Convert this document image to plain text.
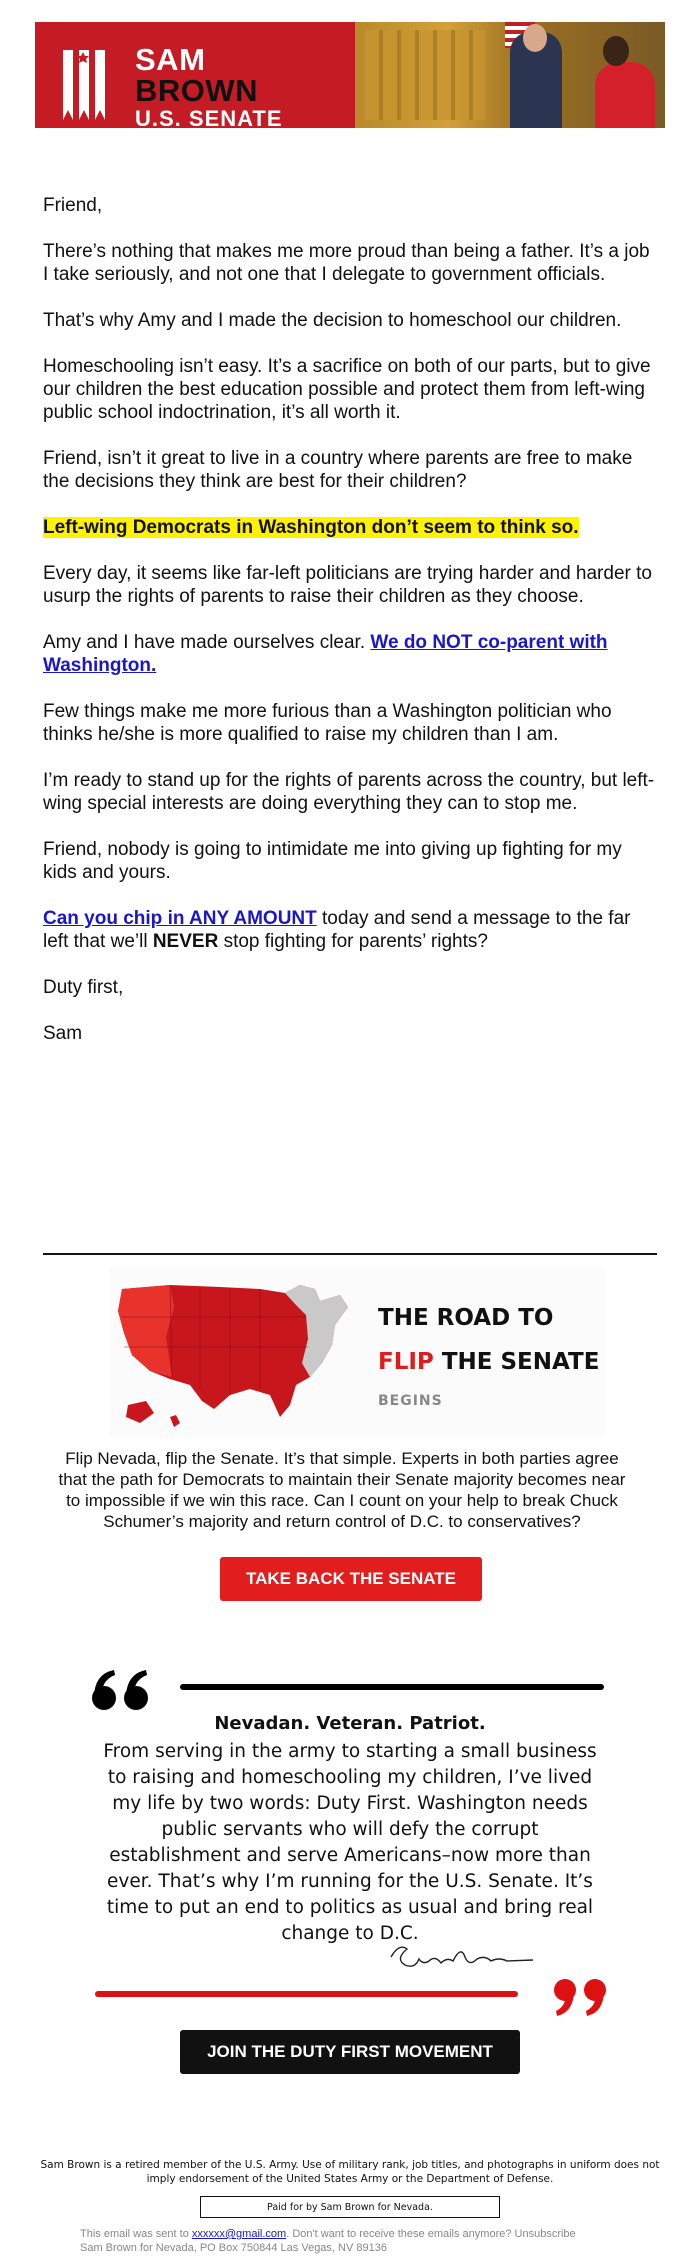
SAM
BROWN
U.S. SENATE

Friend,

There’s nothing that makes me more proud than being a father. It’s a job I take seriously, and not one that I delegate to government officials.

That’s why Amy and I made the decision to homeschool our children.

Homeschooling isn’t easy. It’s a sacrifice on both of our parts, but to give our children the best education possible and protect them from left-wing public school indoctrination, it’s all worth it.

Friend, isn’t it great to live in a country where parents are free to make the decisions they think are best for their children?

Left-wing Democrats in Washington don’t seem to think so.

Every day, it seems like far-left politicians are trying harder and harder to usurp the rights of parents to raise their children as they choose.

Amy and I have made ourselves clear. We do NOT co-parent with Washington.

Few things make me more furious than a Washington politician who thinks he/she is more qualified to raise my children than I am.

I’m ready to stand up for the rights of parents across the country, but left-wing special interests are doing everything they can to stop me.

Friend, nobody is going to intimidate me into giving up fighting for my kids and yours.

Can you chip in ANY AMOUNT today and send a message to the far left that we’ll NEVER stop fighting for parents’ rights?

Duty first,

Sam

THE ROAD TO
FLIP THE SENATE
BEGINS
Flip Nevada, flip the Senate. It’s that simple. Experts in both parties agree that the path for Democrats to maintain their Senate majority becomes near to impossible if we win this race. Can I count on your help to break Chuck Schumer’s majority and return control of D.C. to conservatives?
TAKE BACK THE SENATE
Nevadan. Veteran. Patriot.
From serving in the army to starting a small business to raising and homeschooling my children, I’ve lived my life by two words: Duty First. Washington needs public servants who will defy the corrupt establishment and serve Americans–now more than ever. That’s why I’m running for the U.S. Senate. It’s time to put an end to politics as usual and bring real change to D.C.
JOIN THE DUTY FIRST MOVEMENT
Sam Brown is a retired member of the U.S. Army. Use of military rank, job titles, and photographs in uniform does not imply endorsement of the United States Army or the Department of Defense.
Paid for by Sam Brown for Nevada.
This email was sent to xxxxxx@gmail.com. Don't want to receive these emails anymore? Unsubscribe
Sam Brown for Nevada, PO Box 750844 Las Vegas, NV 89136
